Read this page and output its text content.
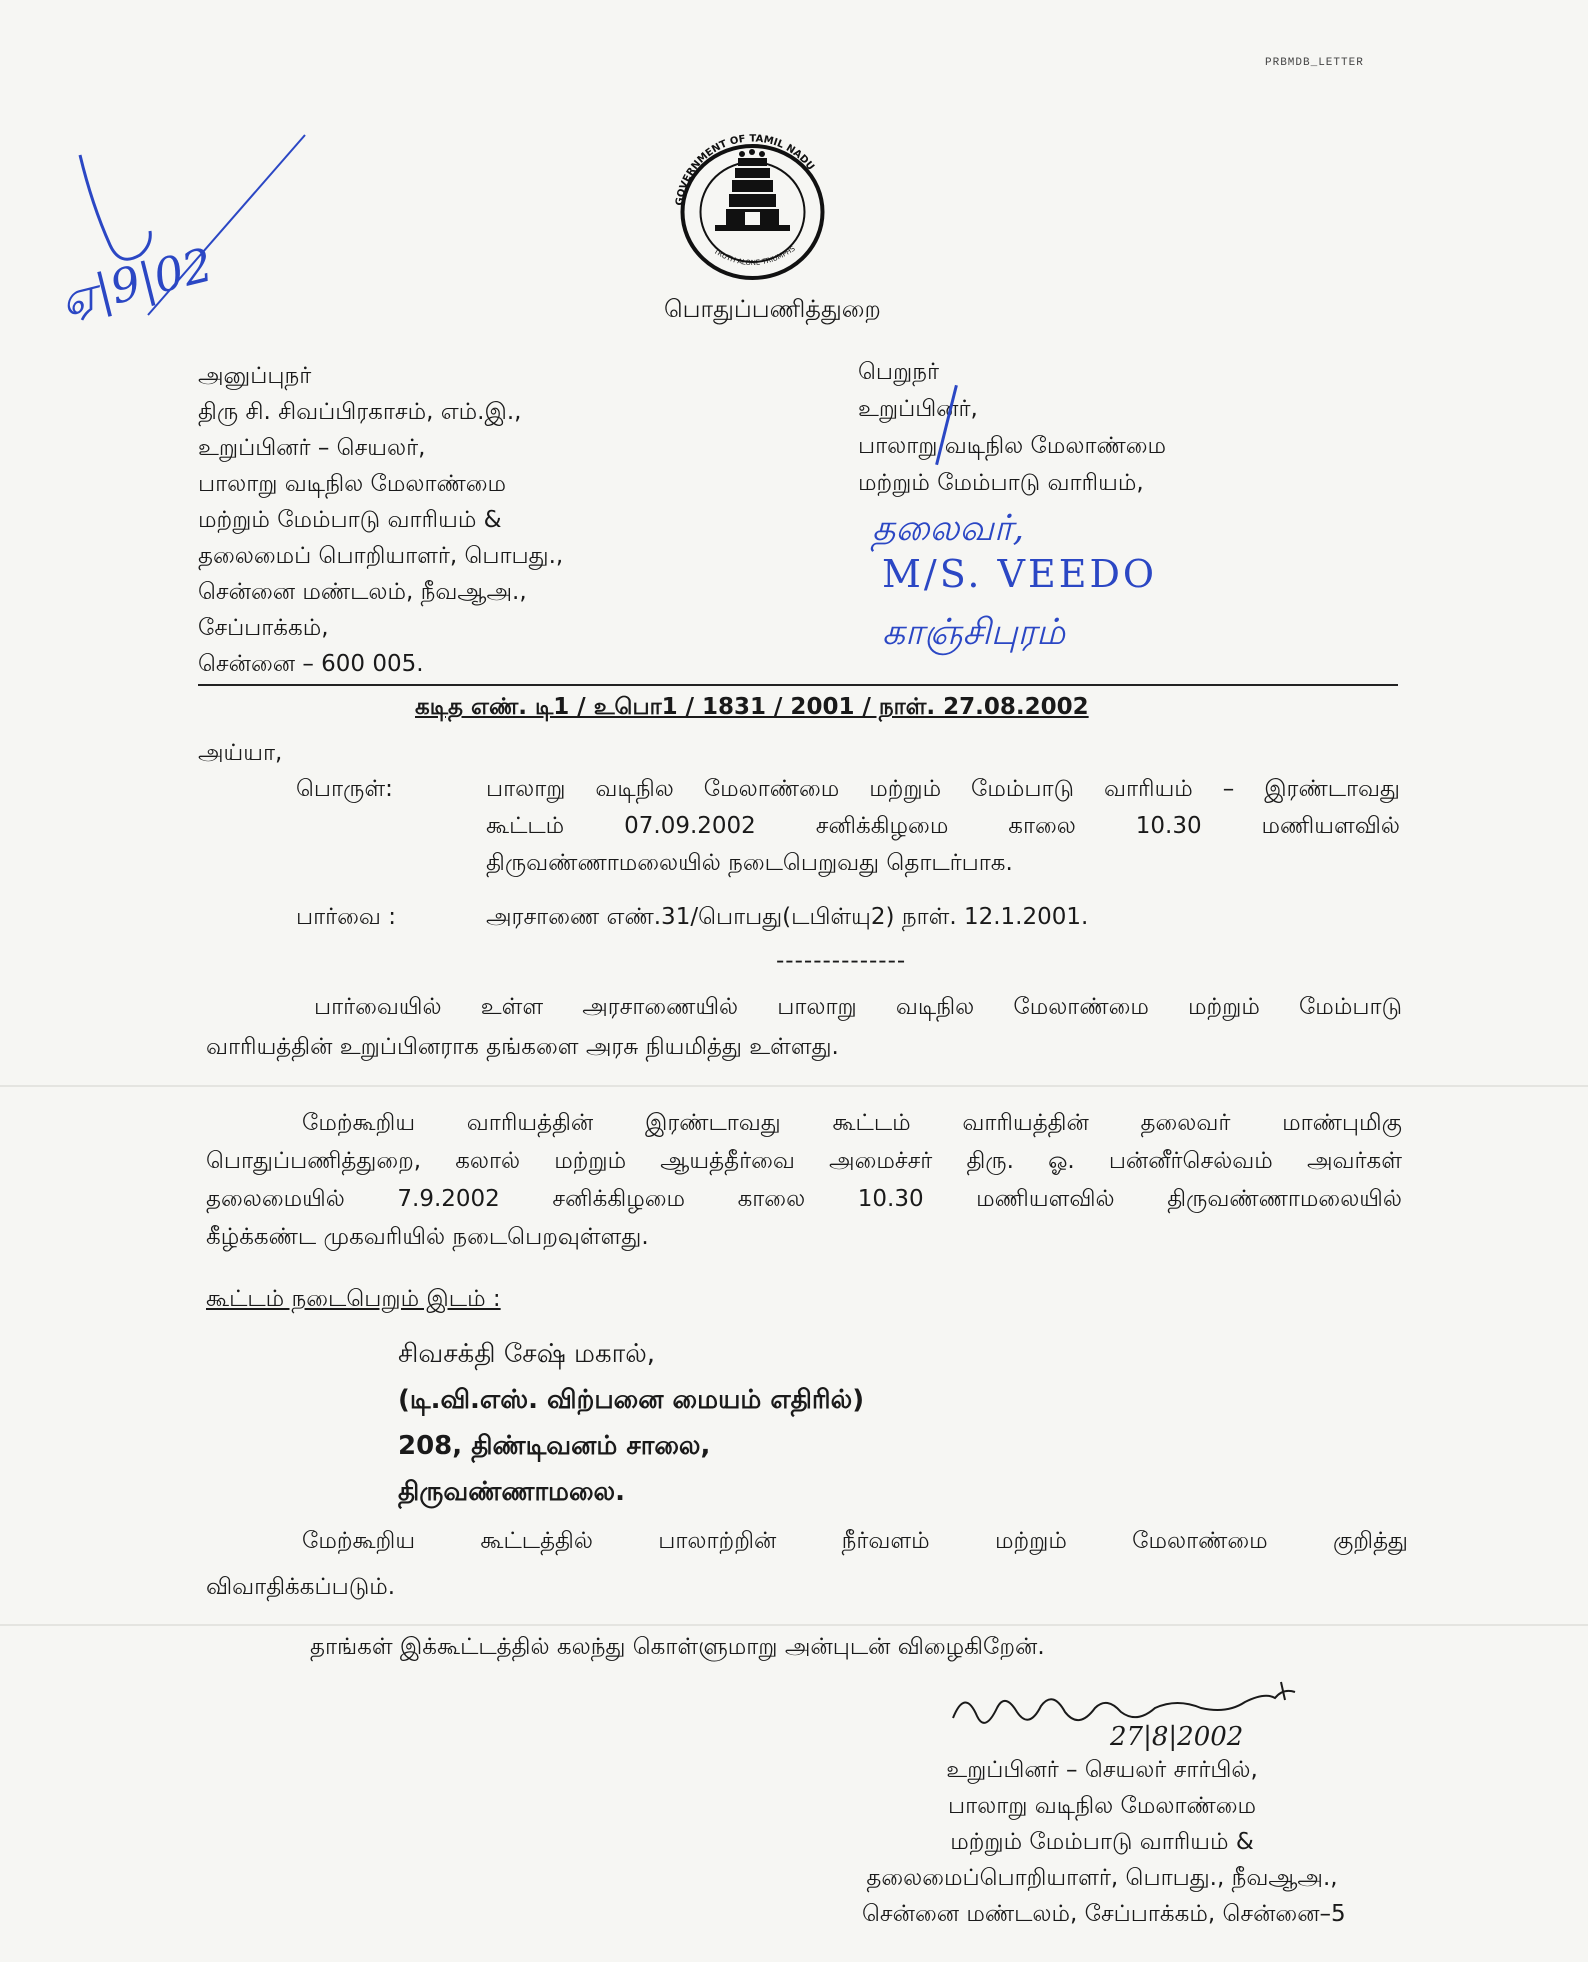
PRBMDB_LETTER
ஏ|9|02
GOVERNMENT OF TAMIL NADU
TRUTH ALONE TRIUMPHS
பொதுப்பணித்துறை
அனுப்புநர்
திரு சி. சிவப்பிரகாசம், எம்.இ.,
உறுப்பினர் – செயலர்,
பாலாறு வடிநில மேலாண்மை
மற்றும் மேம்பாடு வாரியம் &
தலைமைப் பொறியாளர், பொபது.,
சென்னை மண்டலம், நீவஆஅ.,
சேப்பாக்கம்,
சென்னை – 600 005.
பெறுநர்
உறுப்பினர்,
பாலாறு வடிநில மேலாண்மை
மற்றும் மேம்பாடு வாரியம்,
தலைவர்,
M/S. VEEDO
காஞ்சிபுரம்
கடித எண். டி1 / உபொ1 / 1831 / 2001 / நாள். 27.08.2002
அய்யா,
பொருள்:	பாலாறு வடிநில மேலாண்மை மற்றும் மேம்பாடு வாரியம் – இரண்டாவது
கூட்டம் 07.09.2002 சனிக்கிழமை காலை 10.30 மணியளவில்
திருவண்ணாமலையில் நடைபெறுவது தொடர்பாக.
பார்வை :	அரசாணை எண்.31/பொபது(டபிள்யு2) நாள். 12.1.2001.
--------------
பார்வையில் உள்ள அரசாணையில் பாலாறு வடிநில மேலாண்மை மற்றும் மேம்பாடு
வாரியத்தின் உறுப்பினராக தங்களை அரசு நியமித்து உள்ளது.
மேற்கூறிய வாரியத்தின் இரண்டாவது கூட்டம் வாரியத்தின் தலைவர் மாண்புமிகு
பொதுப்பணித்துறை, கலால் மற்றும் ஆயத்தீர்வை அமைச்சர் திரு. ஓ. பன்னீர்செல்வம் அவர்கள்
தலைமையில் 7.9.2002 சனிக்கிழமை காலை 10.30 மணியளவில் திருவண்ணாமலையில்
கீழ்க்கண்ட முகவரியில் நடைபெறவுள்ளது.
கூட்டம் நடைபெறும் இடம் :
சிவசக்தி சேஷ் மகால்,
(டி.வி.எஸ். விற்பனை மையம் எதிரில்)
208, திண்டிவனம் சாலை,
திருவண்ணாமலை.
மேற்கூறிய கூட்டத்தில் பாலாற்றின் நீர்வளம் மற்றும் மேலாண்மை குறித்து
விவாதிக்கப்படும்.
தாங்கள் இக்கூட்டத்தில் கலந்து கொள்ளுமாறு அன்புடன் விழைகிறேன்.
27|8|2002
உறுப்பினர் – செயலர் சார்பில்,
பாலாறு வடிநில மேலாண்மை
மற்றும் மேம்பாடு வாரியம் &
தலைமைப்பொறியாளர், பொபது., நீவஆஅ.,
சென்னை மண்டலம், சேப்பாக்கம், சென்னை–5
